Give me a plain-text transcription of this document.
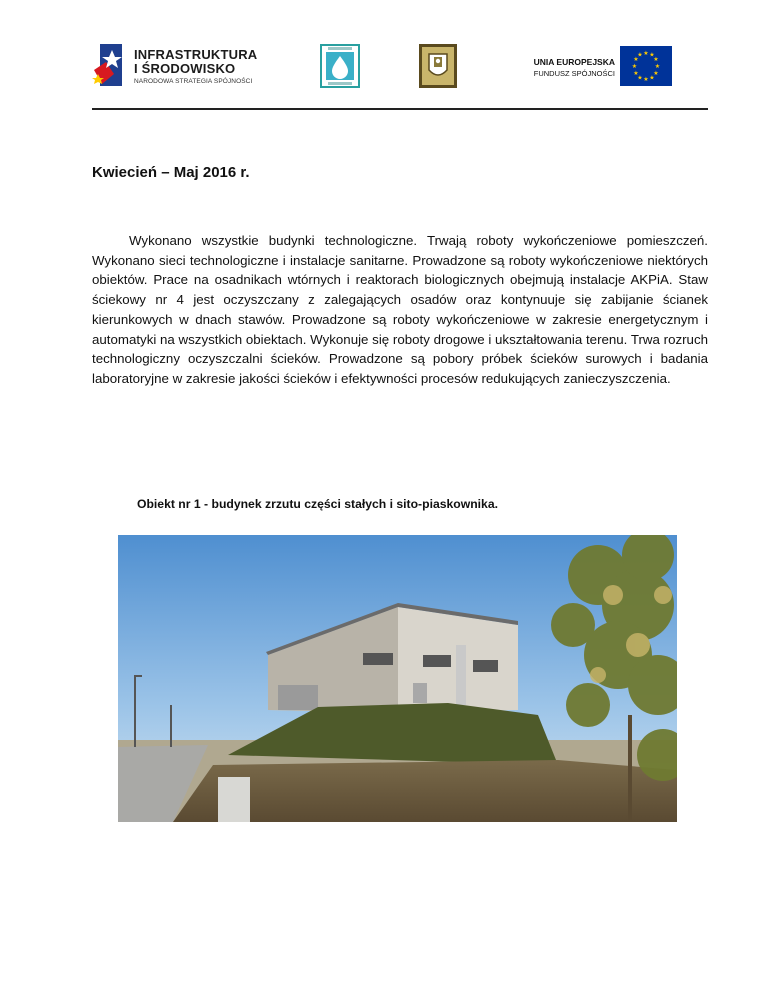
INFRASTRUKTURA
I ŚRODOWISKO
NARODOWA STRATEGIA SPÓJNOŚCI
UNIA EUROPEJSKA
FUNDUSZ SPÓJNOŚCI
★ ★
★
★
★
★
★
★
★
★
★
★
Kwiecień – Maj 2016 r.
Wykonano wszystkie budynki technologiczne. Trwają roboty wykończeniowe pomieszczeń. Wykonano sieci technologiczne i instalacje sanitarne. Prowadzone są roboty wykończeniowe niektórych obiektów. Prace na osadnikach wtórnych i reaktorach biologicznych obejmują instalacje AKPiA. Staw ściekowy nr 4 jest oczyszczany z zalegających osadów oraz kontynuuje się zabijanie ścianek kierunkowych w dnach stawów. Prowadzone są roboty wykończeniowe w zakresie energetycznym i automatyki na wszystkich obiektach. Wykonuje się roboty drogowe i ukształtowania terenu. Trwa rozruch technologiczny oczyszczalni ścieków. Prowadzone są pobory próbek ścieków surowych i badania laboratoryjne w zakresie jakości ścieków i efektywności procesów redukujących zanieczyszczenia.
Obiekt nr 1 - budynek zrzutu części stałych i sito-piaskownika.
